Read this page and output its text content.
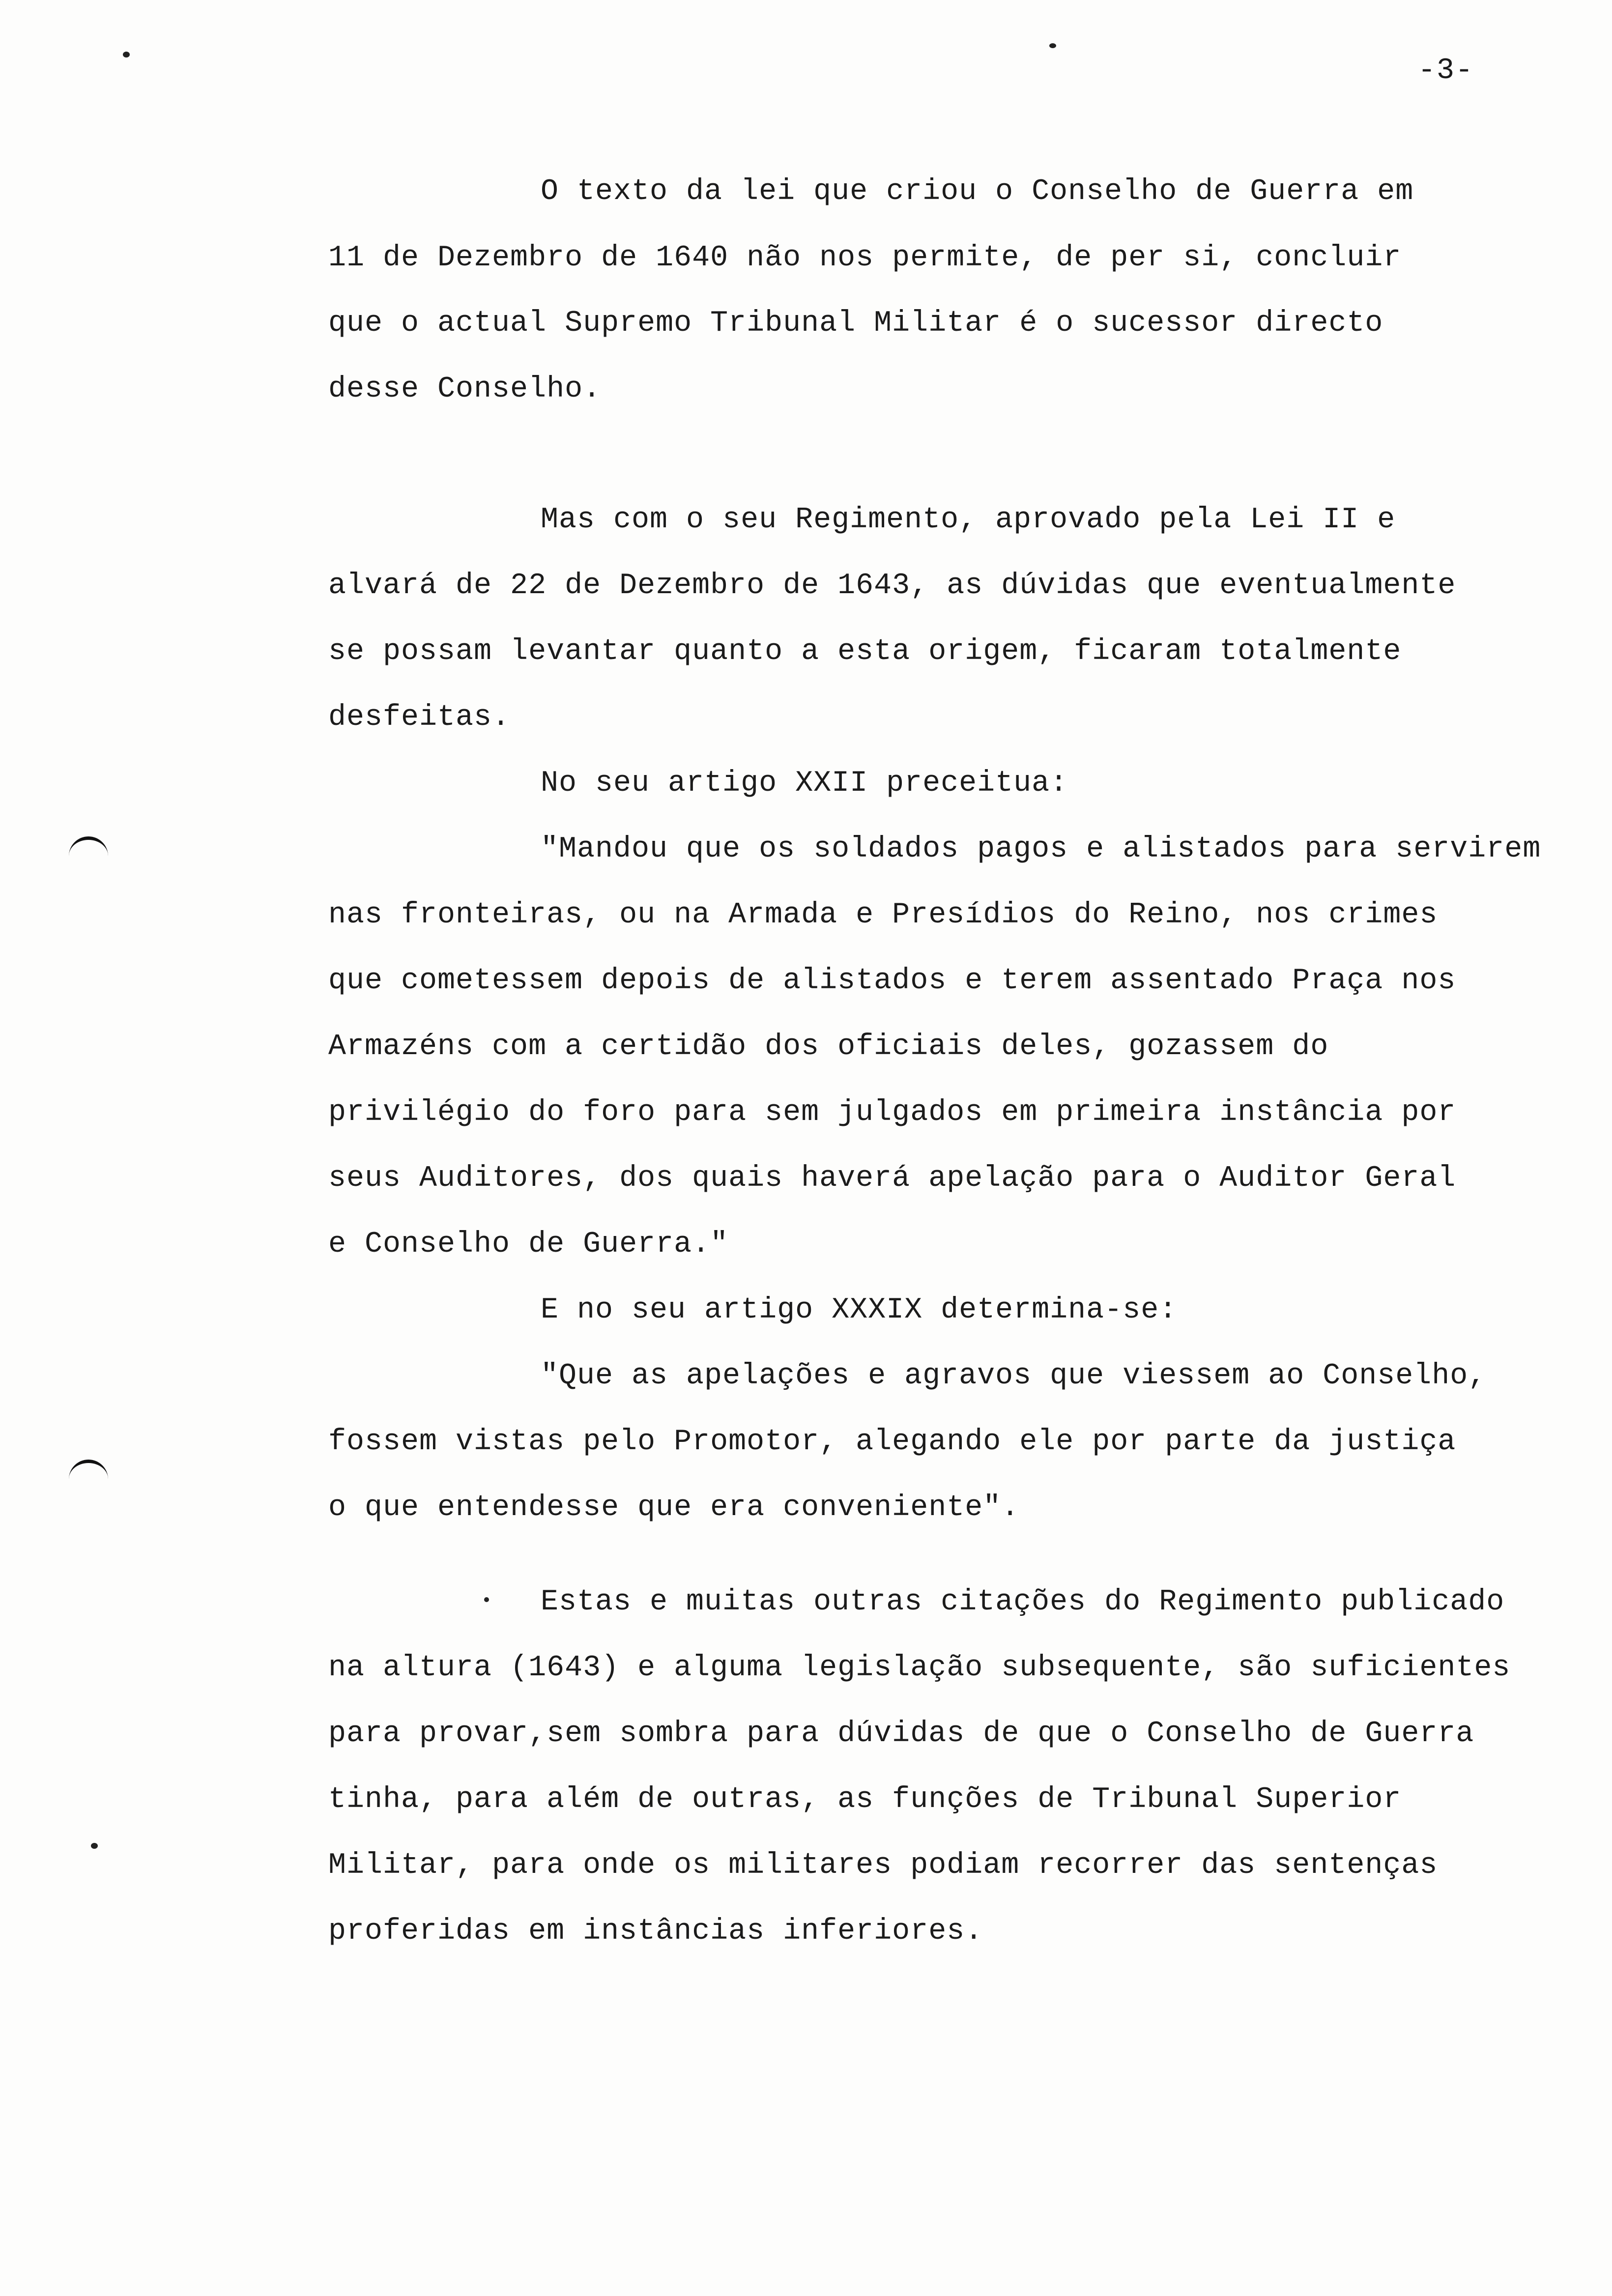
-3-
O texto da lei que criou o Conselho de Guerra em
11 de Dezembro de 1640 não nos permite, de per si, concluir
que o actual Supremo Tribunal Militar é o sucessor directo
desse Conselho.
Mas com o seu Regimento, aprovado pela Lei II e
alvará de 22 de Dezembro de 1643, as dúvidas que eventualmente
se possam levantar quanto a esta origem, ficaram totalmente
desfeitas.
No seu artigo XXII preceitua:
"Mandou que os soldados pagos e alistados para servirem
nas fronteiras, ou na Armada e Presídios do Reino, nos crimes
que cometessem depois de alistados e terem assentado Praça nos
Armazéns com a certidão dos oficiais deles, gozassem do
privilégio do foro para sem julgados em primeira instância por
seus Auditores, dos quais haverá apelação para o Auditor Geral
e Conselho de Guerra."
E no seu artigo XXXIX determina-se:
"Que as apelações e agravos que viessem ao Conselho,
fossem vistas pelo Promotor, alegando ele por parte da justiça
o que entendesse que era conveniente".
Estas e muitas outras citações do Regimento publicado
na altura (1643) e alguma legislação subsequente, são suficientes
para provar,sem sombra para dúvidas de que o Conselho de Guerra
tinha, para além de outras, as funções de Tribunal Superior
Militar, para onde os militares podiam recorrer das sentenças
proferidas em instâncias inferiores.
